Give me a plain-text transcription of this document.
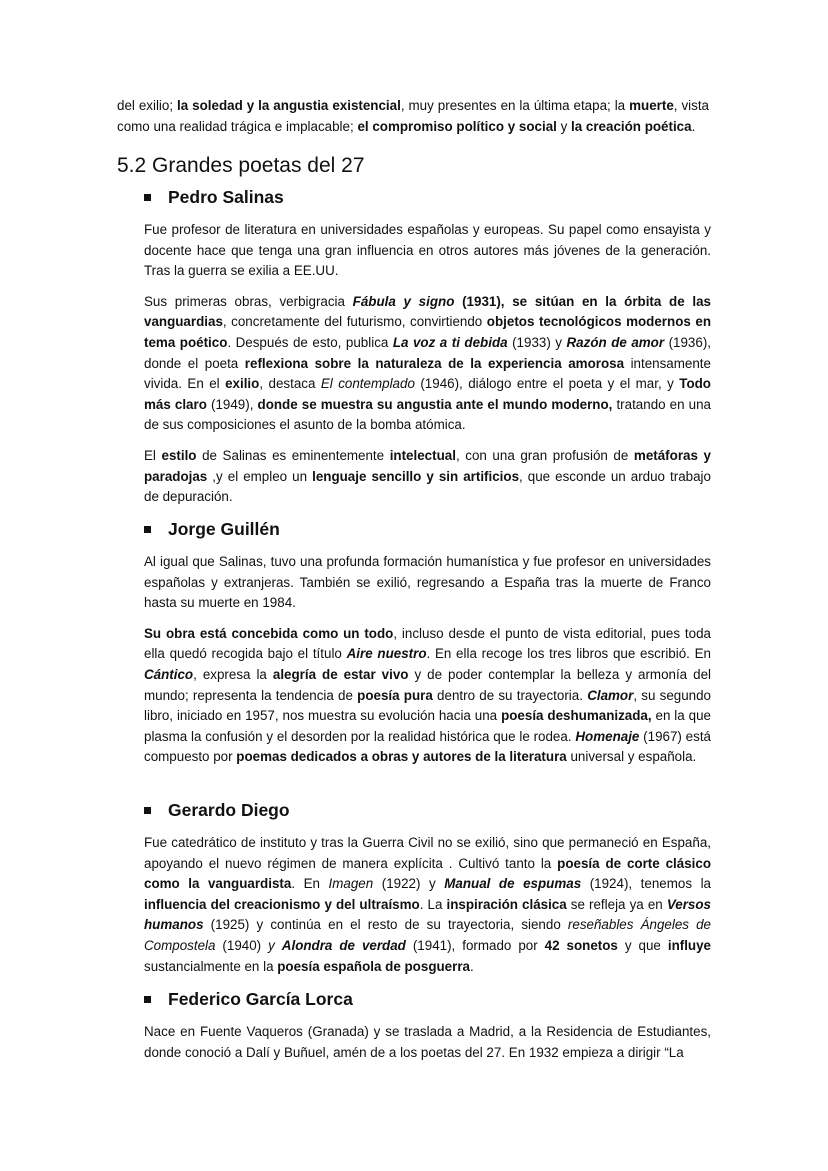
del exilio; la soledad y la angustia existencial, muy presentes en la última etapa; la muerte, vista como una realidad trágica e implacable; el compromiso político y social y la creación poética.

5.2 Grandes poetas del 27
Pedro Salinas

Fue profesor de literatura en universidades españolas y europeas. Su papel como ensayista y docente hace que tenga una gran influencia en otros autores más jóvenes de la generación. Tras la guerra se exilia a EE.UU.

Sus primeras obras, verbigracia Fábula y signo (1931), se sitúan en la órbita de las vanguardias, concretamente del futurismo, convirtiendo objetos tecnológicos modernos en tema poético. Después de esto, publica La voz a ti debida (1933) y Razón de amor (1936), donde el poeta reflexiona sobre la naturaleza de la experiencia amorosa intensamente vivida. En el exilio, destaca El contemplado (1946), diálogo entre el poeta y el mar, y Todo más claro (1949), donde se muestra su angustia ante el mundo moderno, tratando en una de sus composiciones el asunto de la bomba atómica.

El estilo de Salinas es eminentemente intelectual, con una gran profusión de metáforas y paradojas ,y el empleo un lenguaje sencillo y sin artificios, que esconde un arduo trabajo de depuración.

Jorge Guillén

Al igual que Salinas, tuvo una profunda formación humanística y fue profesor en universidades españolas y extranjeras. También se exilió, regresando a España tras la muerte de Franco hasta su muerte en 1984.

Su obra está concebida como un todo, incluso desde el punto de vista editorial, pues toda ella quedó recogida bajo el título Aire nuestro. En ella recoge los tres libros que escribió. En Cántico, expresa la alegría de estar vivo y de poder contemplar la belleza y armonía del mundo; representa la tendencia de poesía pura dentro de su trayectoria. Clamor, su segundo libro, iniciado en 1957, nos muestra su evolución hacia una poesía deshumanizada, en la que plasma la confusión y el desorden por la realidad histórica que le rodea. Homenaje (1967) está compuesto por poemas dedicados a obras y autores de la literatura universal y española.

Gerardo Diego

Fue catedrático de instituto y tras la Guerra Civil no se exilió, sino que permaneció en España, apoyando el nuevo régimen de manera explícita . Cultivó tanto la poesía de corte clásico como la vanguardista. En Imagen (1922) y Manual de espumas (1924), tenemos la influencia del creacionismo y del ultraísmo. La inspiración clásica se refleja ya en Versos humanos (1925) y continúa en el resto de su trayectoria, siendo reseñables Ángeles de Compostela (1940) y Alondra de verdad (1941), formado por 42 sonetos y que influye sustancialmente en la poesía española de posguerra.

Federico García Lorca

Nace en Fuente Vaqueros (Granada) y se traslada a Madrid, a la Residencia de Estudiantes, donde conoció a Dalí y Buñuel, amén de a los poetas del 27. En 1932 empieza a dirigir “La
